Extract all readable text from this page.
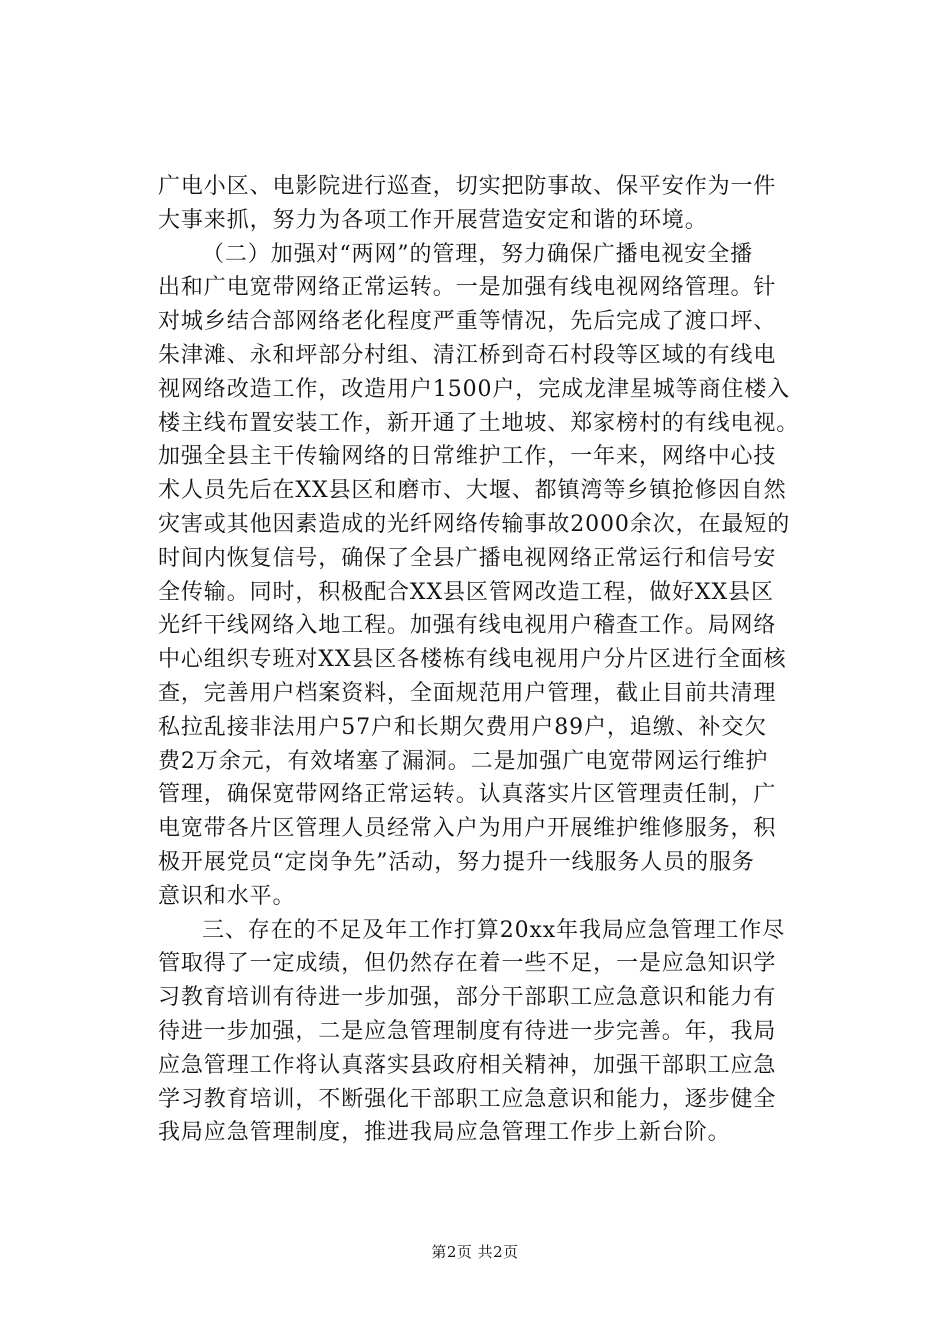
广电小区、电影院进行巡查，切实把防事故、保平安作为一件
大事来抓，努力为各项工作开展营造安定和谐的环境。
（二）加强对“两网”的管理，努力确保广播电视安全播
出和广电宽带网络正常运转。一是加强有线电视网络管理。针
对城乡结合部网络老化程度严重等情况，先后完成了渡口坪、
朱津滩、永和坪部分村组、清江桥到奇石村段等区域的有线电
视网络改造工作，改造用户1500户，完成龙津星城等商住楼入
楼主线布置安装工作，新开通了土地坡、郑家榜村的有线电视。
加强全县主干传输网络的日常维护工作，一年来，网络中心技
术人员先后在XX县区和磨市、大堰、都镇湾等乡镇抢修因自然
灾害或其他因素造成的光纤网络传输事故2000余次，在最短的
时间内恢复信号，确保了全县广播电视网络正常运行和信号安
全传输。同时，积极配合XX县区管网改造工程，做好XX县区
光纤干线网络入地工程。加强有线电视用户稽查工作。局网络
中心组织专班对XX县区各楼栋有线电视用户分片区进行全面核
查，完善用户档案资料，全面规范用户管理，截止目前共清理
私拉乱接非法用户57户和长期欠费用户89户，追缴、补交欠
费2万余元，有效堵塞了漏洞。二是加强广电宽带网运行维护
管理，确保宽带网络正常运转。认真落实片区管理责任制，广
电宽带各片区管理人员经常入户为用户开展维护维修服务，积
极开展党员“定岗争先”活动，努力提升一线服务人员的服务
意识和水平。
三、存在的不足及年工作打算20xx年我局应急管理工作尽
管取得了一定成绩，但仍然存在着一些不足，一是应急知识学
习教育培训有待进一步加强，部分干部职工应急意识和能力有
待进一步加强，二是应急管理制度有待进一步完善。年，我局
应急管理工作将认真落实县政府相关精神，加强干部职工应急
学习教育培训，不断强化干部职工应急意识和能力，逐步健全
我局应急管理制度，推进我局应急管理工作步上新台阶。
第2页 共2页
